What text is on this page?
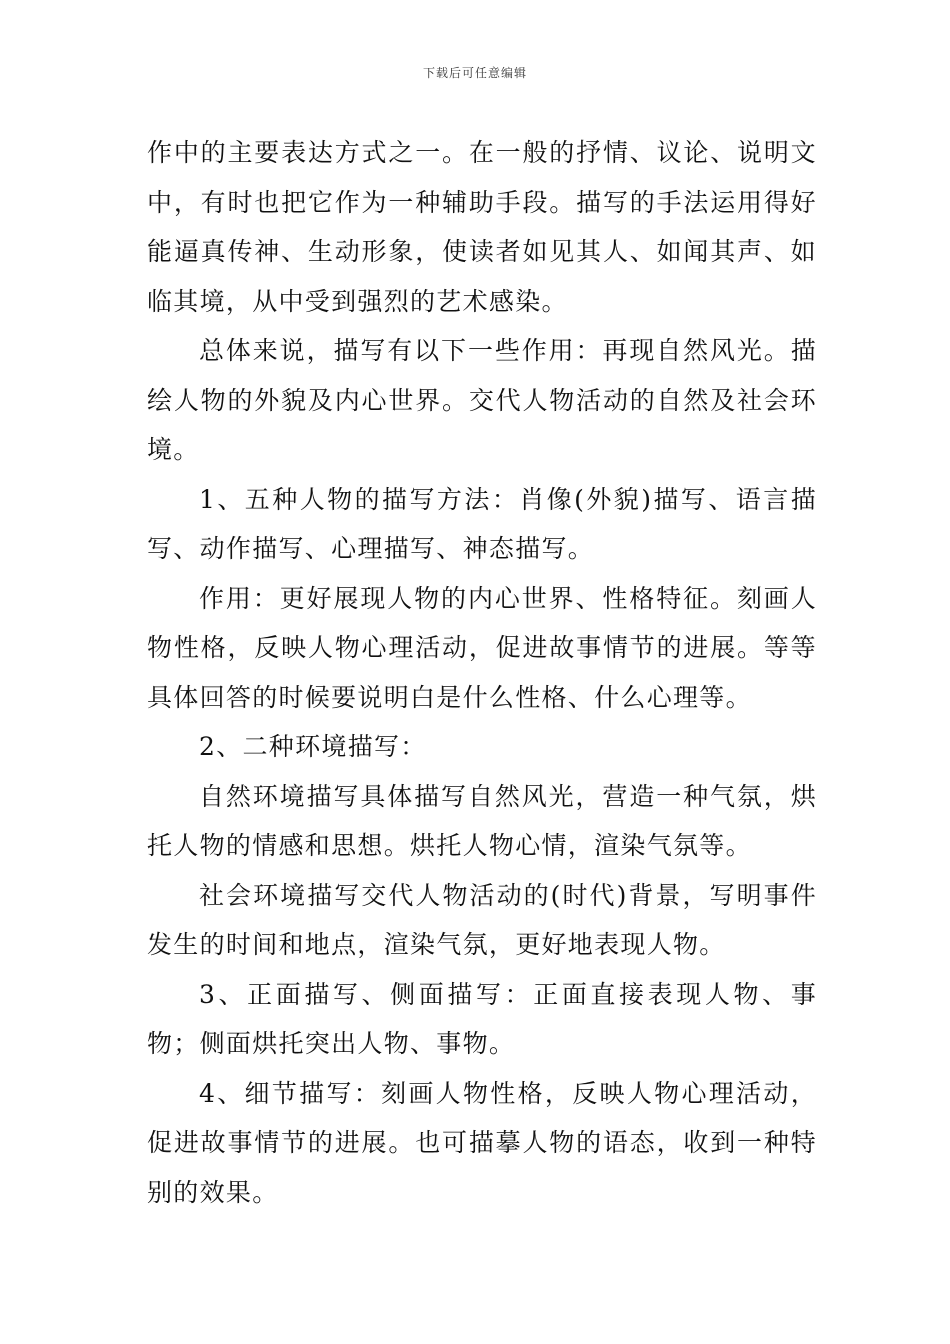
下载后可任意编辑

作中的主要表达方式之一。在一般的抒情、议论、说明文中，有时也把它作为一种辅助手段。描写的手法运用得好能逼真传神、生动形象，使读者如见其人、如闻其声、如临其境，从中受到强烈的艺术感染。

总体来说，描写有以下一些作用：再现自然风光。描绘人物的外貌及内心世界。交代人物活动的自然及社会环境。

1、五种人物的描写方法：肖像(外貌)描写、语言描写、动作描写、心理描写、神态描写。

作用：更好展现人物的内心世界、性格特征。刻画人物性格，反映人物心理活动，促进故事情节的进展。等等具体回答的时候要说明白是什么性格、什么心理等。

2、二种环境描写：

自然环境描写具体描写自然风光，营造一种气氛，烘托人物的情感和思想。烘托人物心情，渲染气氛等。

社会环境描写交代人物活动的(时代)背景，写明事件发生的时间和地点，渲染气氛，更好地表现人物。

3、正面描写、侧面描写：正面直接表现人物、事物；侧面烘托突出人物、事物。

4、细节描写：刻画人物性格，反映人物心理活动，促进故事情节的进展。也可描摹人物的语态，收到一种特别的效果。
